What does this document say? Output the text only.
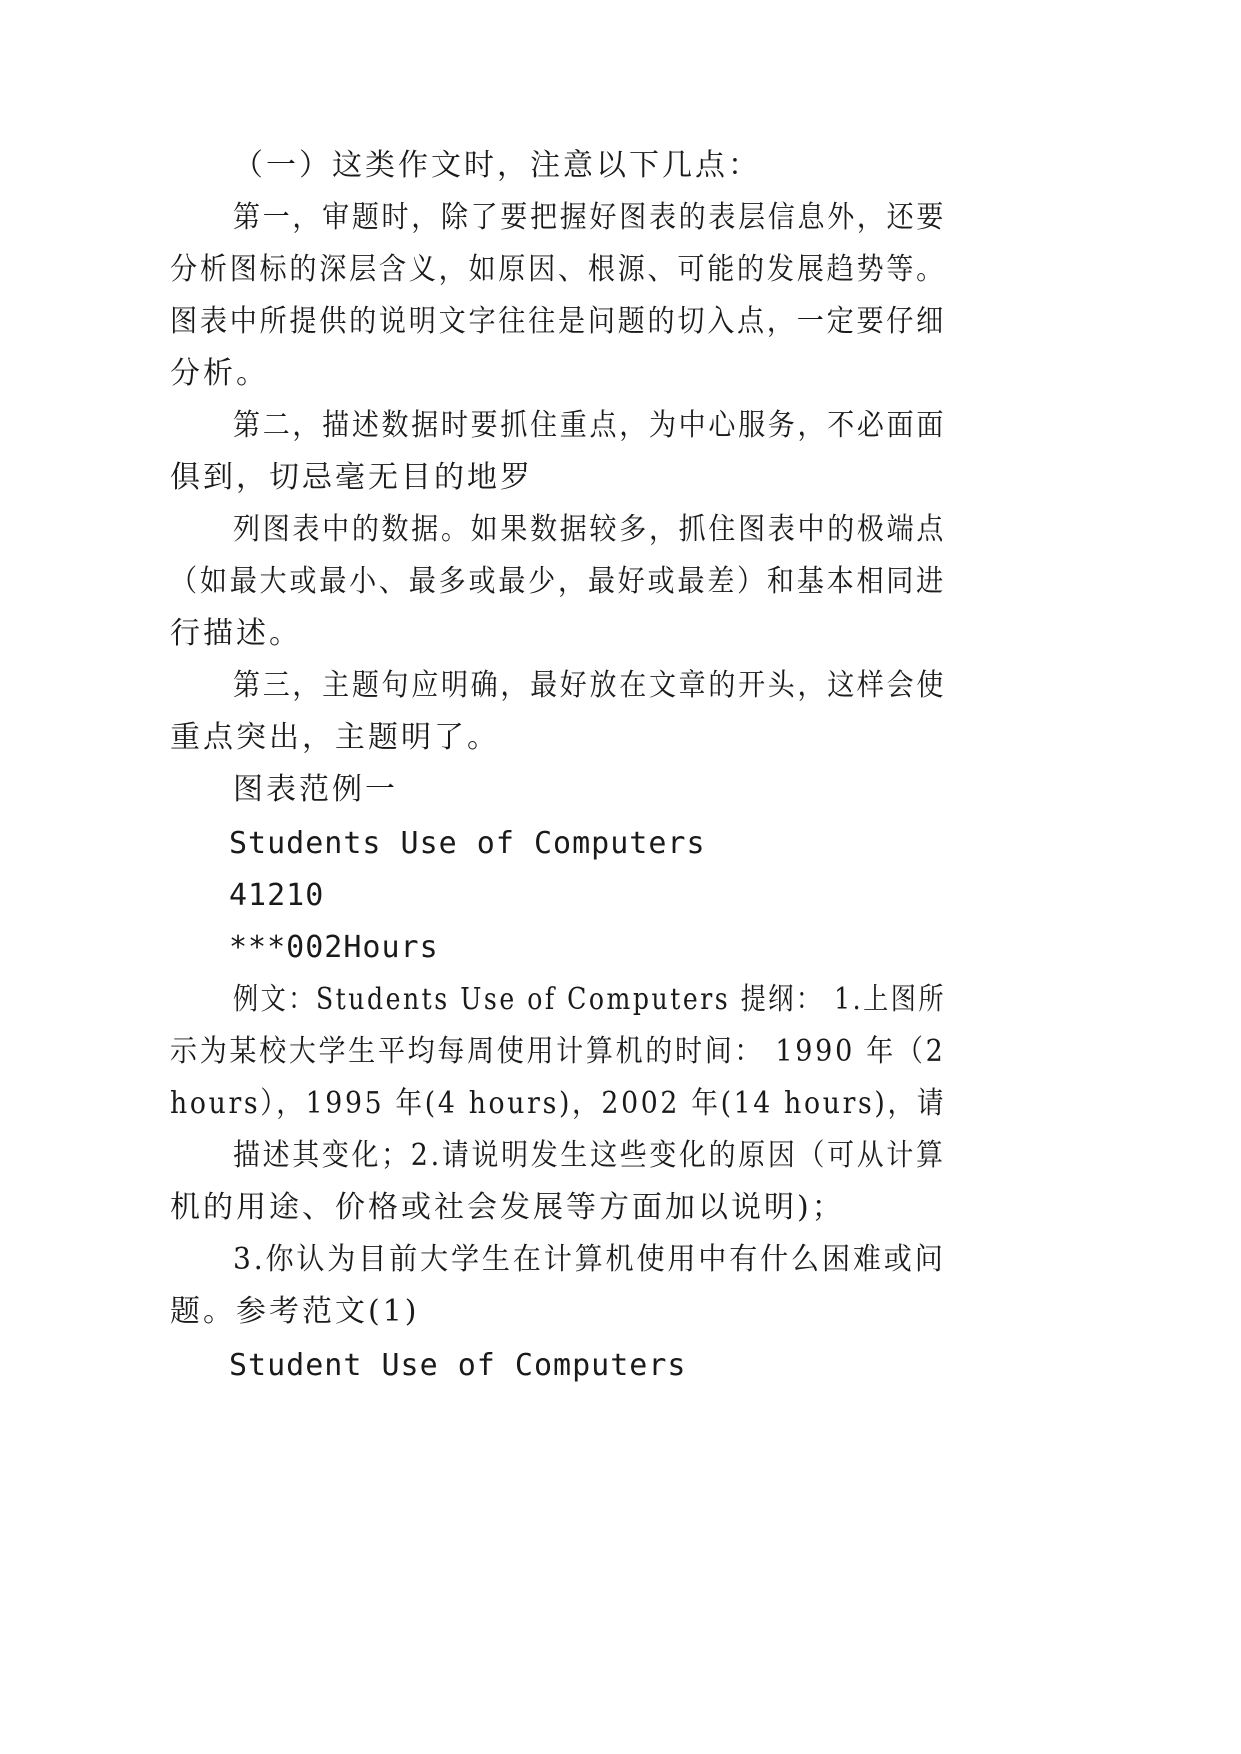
（一）这类作文时，注意以下几点：
第一，审题时，除了要把握好图表的表层信息外，还要
分析图标的深层含义，如原因、根源、可能的发展趋势等。
图表中所提供的说明文字往往是问题的切入点，一定要仔细
分析。
第二，描述数据时要抓住重点，为中心服务，不必面面
俱到，切忌毫无目的地罗
列图表中的数据。如果数据较多，抓住图表中的极端点
（如最大或最小、最多或最少，最好或最差）和基本相同进
行描述。
第三，主题句应明确，最好放在文章的开头，这样会使
重点突出，主题明了。
图表范例一
Students Use of Computers
41210
***002Hours
例文：Students Use of Computers 提纲： 1.上图所
示为某校大学生平均每周使用计算机的时间： 1990 年（2
hours），1995 年(4 hours)，2002 年(14 hours)，请
描述其变化；2.请说明发生这些变化的原因（可从计算
机的用途、价格或社会发展等方面加以说明)；
3.你认为目前大学生在计算机使用中有什么困难或问
题。参考范文(1)
Student Use of Computers
